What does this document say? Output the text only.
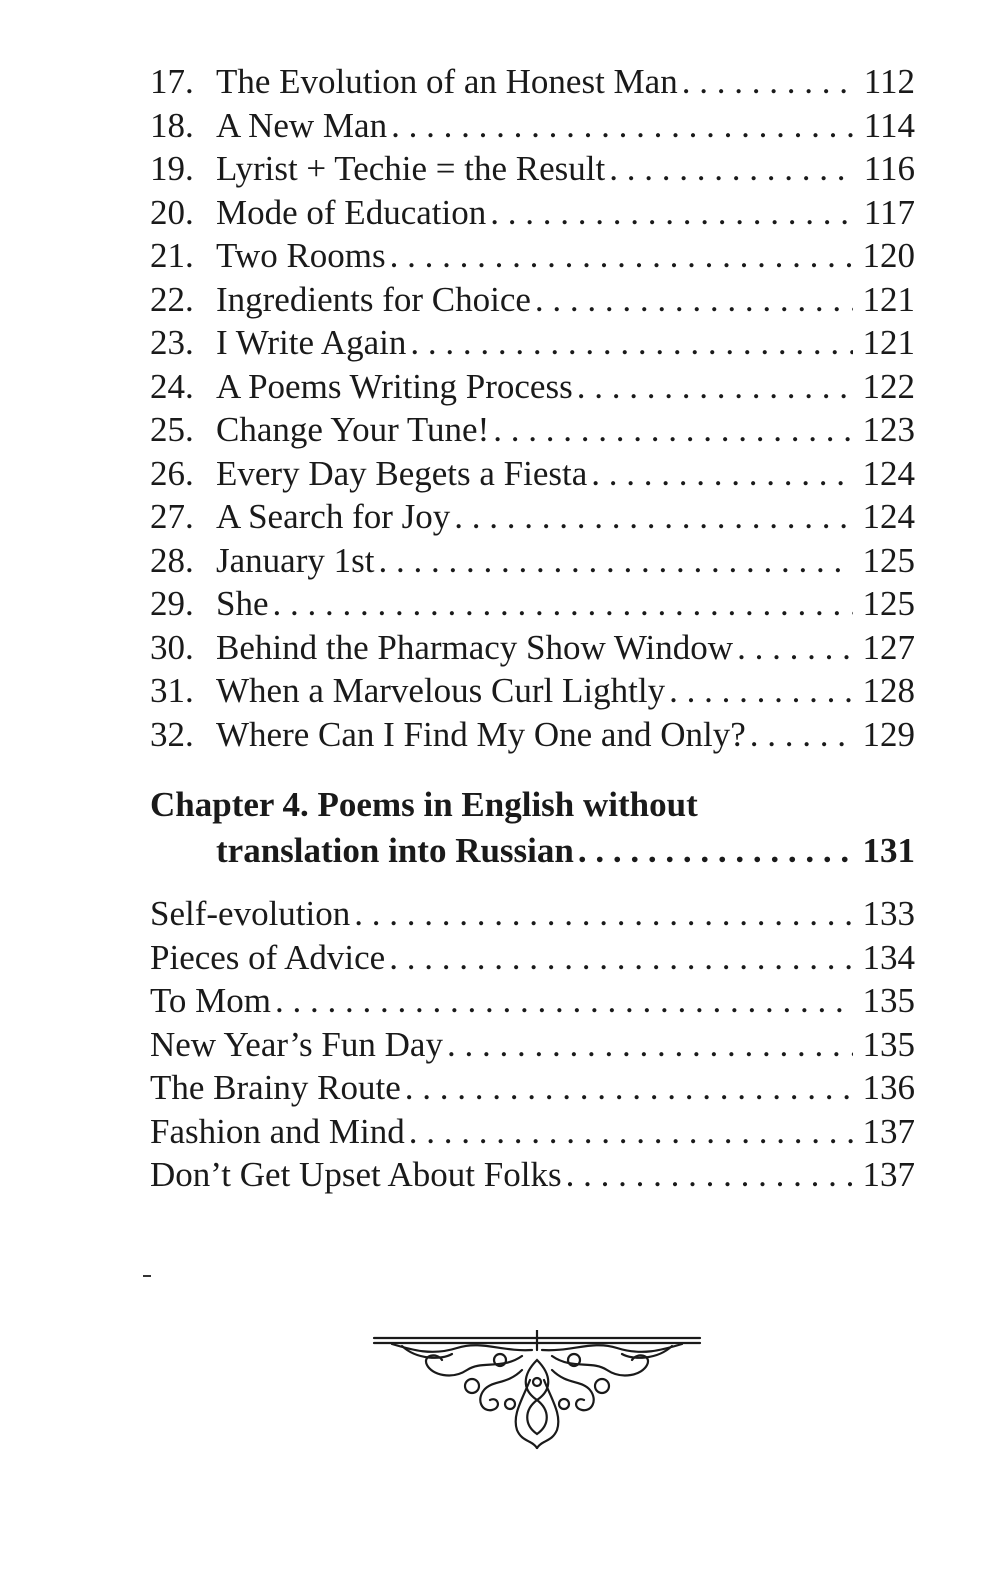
17. The Evolution of an Honest Man . . .	112
18. A New Man . . .	114
19. Lyrist + Techie = the Result . . .	116
20. Mode of Education . . .	117
21. Two Rooms . . .	120
22. Ingredients for Choice . . .	121
23. I Write Again . . .	121
24. A Poems Writing Process . . .	122
25. Change Your Tune! . . .	123
26. Every Day Begets a Fiesta . . .	124
27. A Search for Joy . . .	124
28. January 1st . . .	125
29. She . . .	125
30. Behind the Pharmacy Show Window . . .	127
31. When a Marvelous Curl Lightly . . .	128
32. Where Can I Find My One and Only? . . .	129
Chapter 4. Poems in English without
translation into Russian . . .	131
Self-evolution . . .	133
Pieces of Advice . . .	134
To Mom . . .	135
New Year’s Fun Day . . .	135
The Brainy Route . . .	136
Fashion and Mind . . .	137
Don’t Get Upset About Folks . . .	137
